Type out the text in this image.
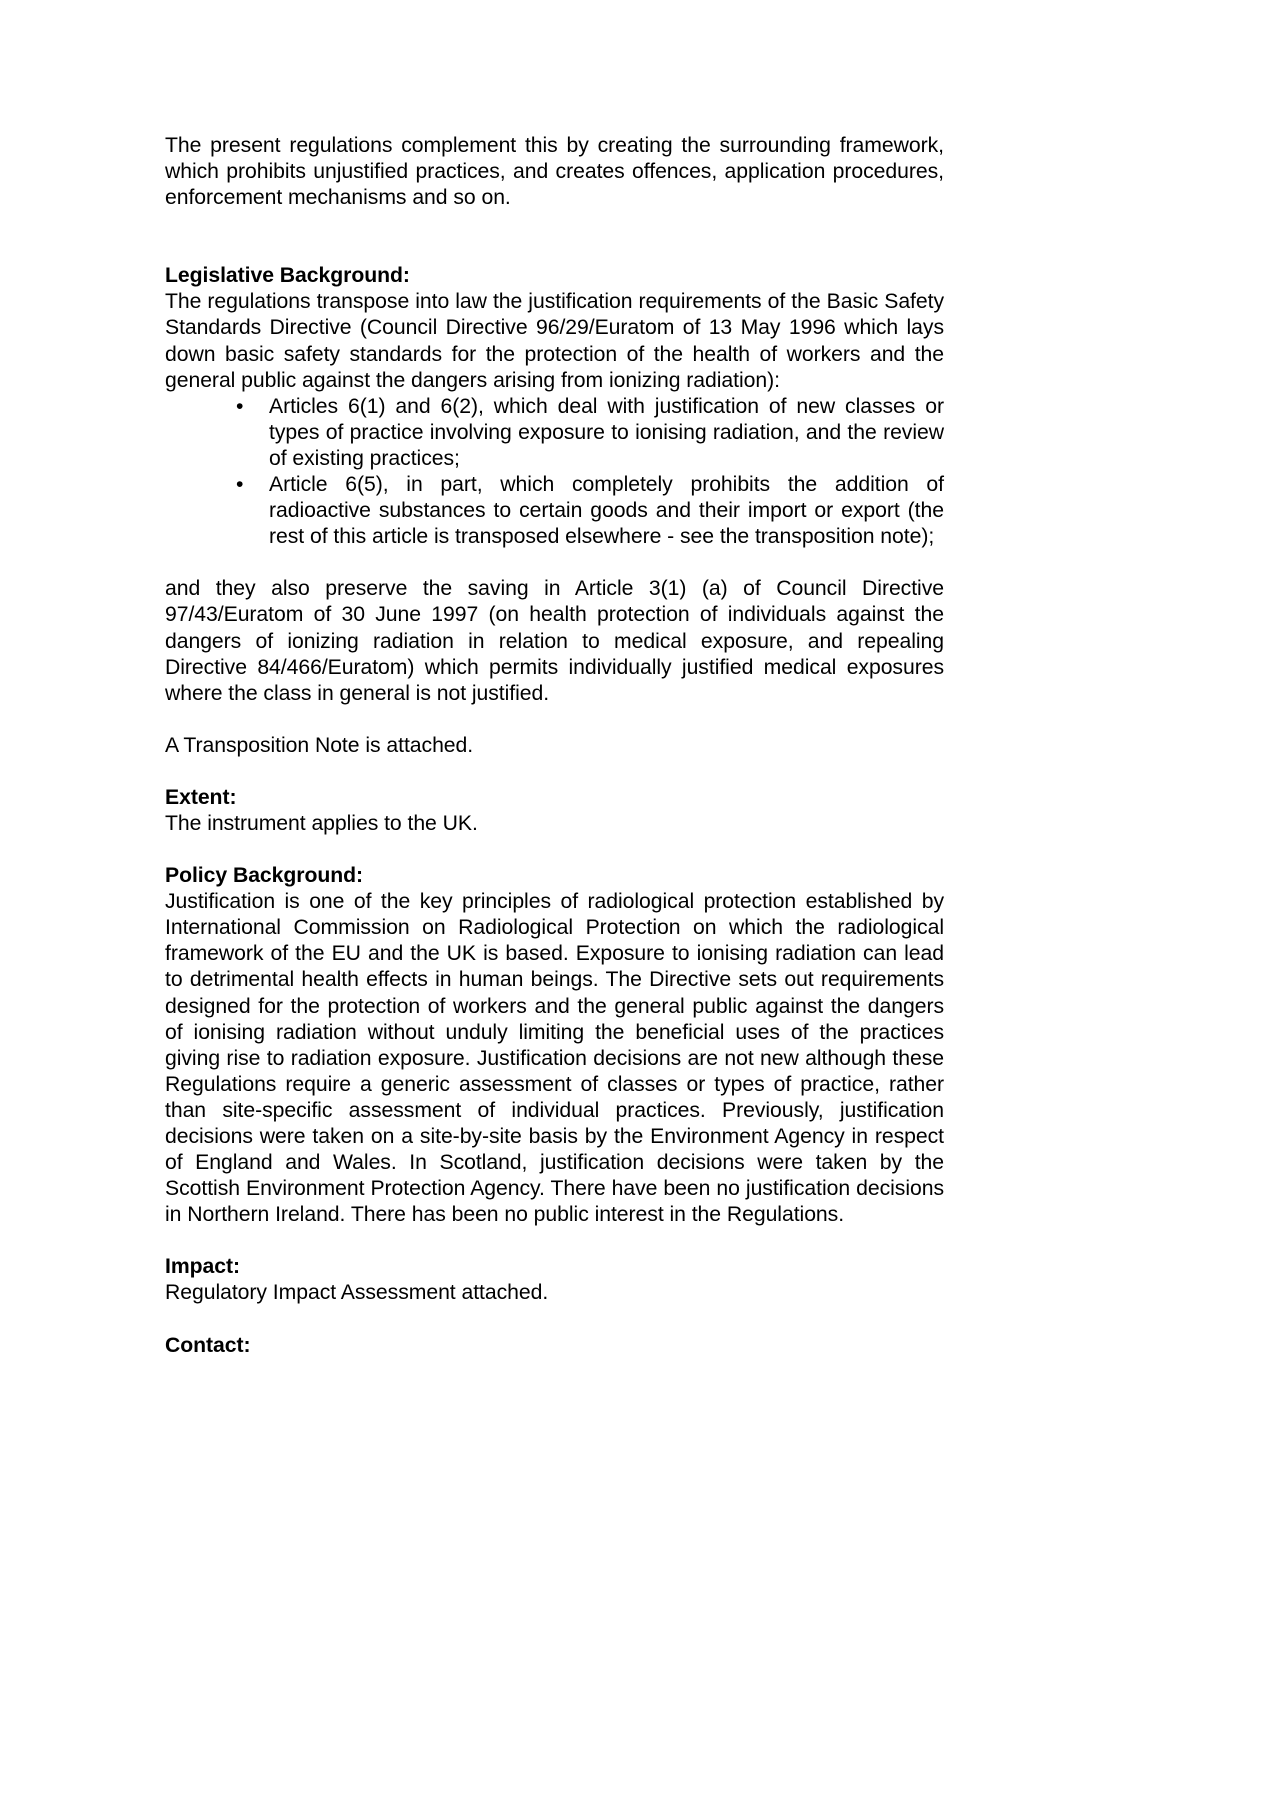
The present regulations complement this by creating the surrounding framework, which prohibits unjustified practices, and creates offences, application procedures, enforcement mechanisms and so on.

Legislative Background:

The regulations transpose into law the justification requirements of the Basic Safety Standards Directive (Council Directive 96/29/Euratom of 13 May 1996 which lays down basic safety standards for the protection of the health of workers and the general public against the dangers arising from ionizing radiation):

• Articles 6(1) and 6(2), which deal with justification of new classes or types of practice involving exposure to ionising radiation, and the review of existing practices;
• Article 6(5), in part, which completely prohibits the addition of radioactive substances to certain goods and their import or export (the rest of this article is transposed elsewhere - see the transposition note);

and they also preserve the saving in Article 3(1) (a) of Council Directive 97/43/Euratom of 30 June 1997 (on health protection of individuals against the dangers of ionizing radiation in relation to medical exposure, and repealing Directive 84/466/Euratom) which permits individually justified medical exposures where the class in general is not justified.

A Transposition Note is attached.

Extent:

The instrument applies to the UK.

Policy Background:

Justification is one of the key principles of radiological protection established by International Commission on Radiological Protection on which the radiological framework of the EU and the UK is based. Exposure to ionising radiation can lead to detrimental health effects in human beings. The Directive sets out requirements designed for the protection of workers and the general public against the dangers of ionising radiation without unduly limiting the beneficial uses of the practices giving rise to radiation exposure. Justification decisions are not new although these Regulations require a generic assessment of classes or types of practice, rather than site-specific assessment of individual practices. Previously, justification decisions were taken on a site-by-site basis by the Environment Agency in respect of England and Wales. In Scotland, justification decisions were taken by the Scottish Environment Protection Agency. There have been no justification decisions in Northern Ireland. There has been no public interest in the Regulations.

Impact:

Regulatory Impact Assessment attached.

Contact:
